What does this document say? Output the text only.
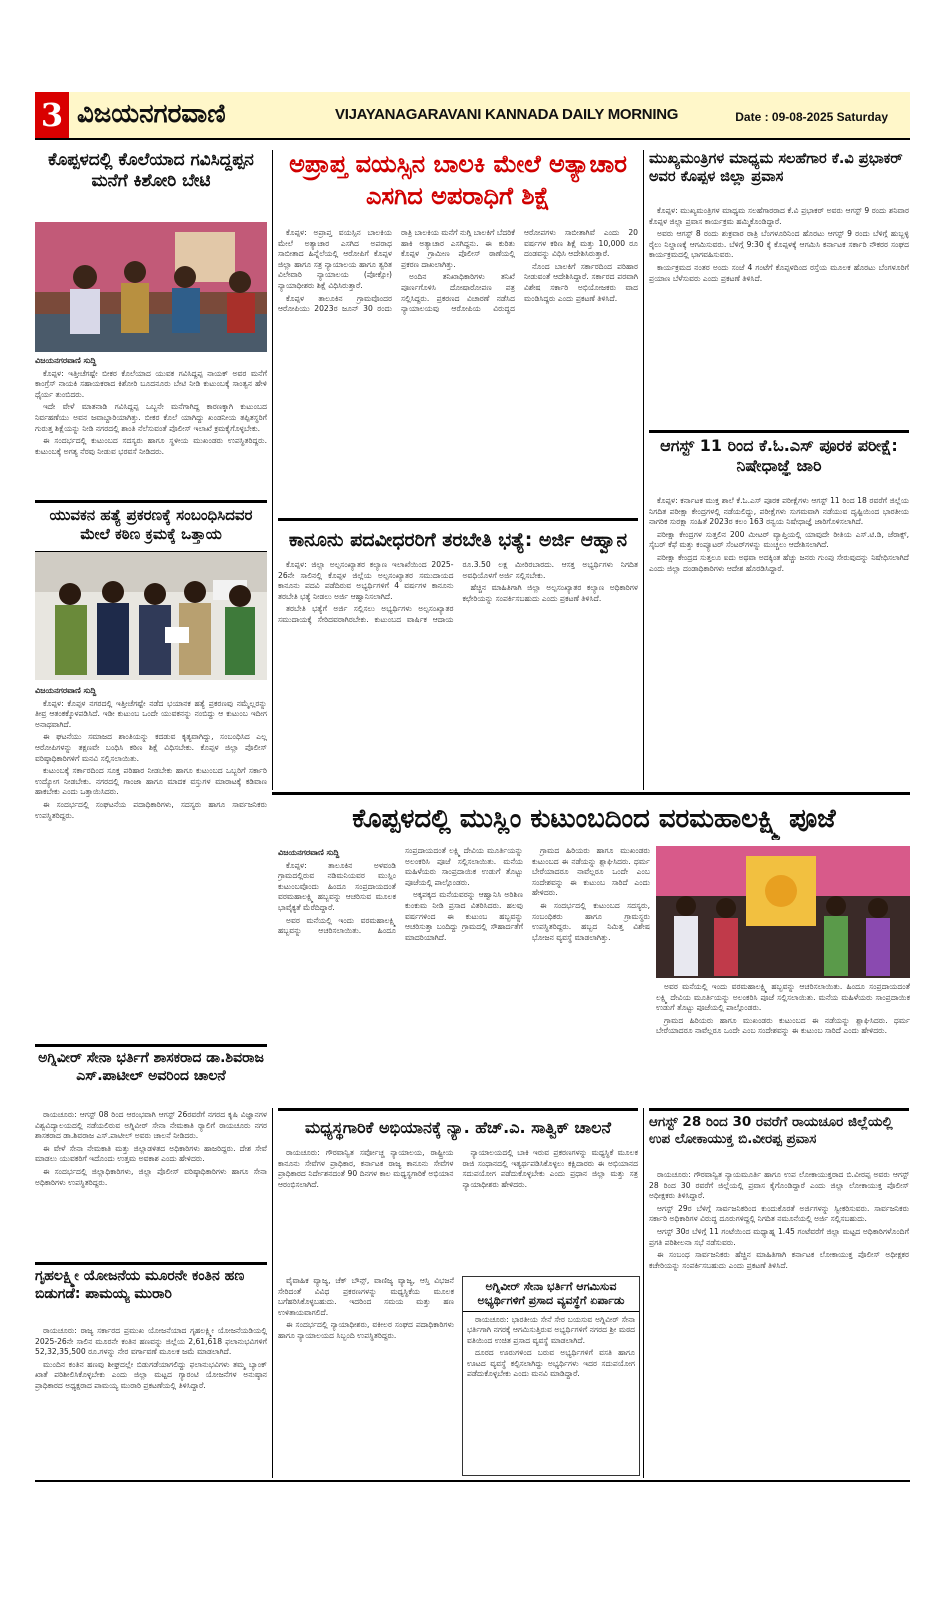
3 ವಿಜಯನಗರವಾಣಿ	VIJAYANAGARAVANI KANNADA DAILY MORNING	Date : 09-08-2025 Saturday
ಕೊಪ್ಪಳದಲ್ಲಿ ಕೊಲೆಯಾದ ಗವಿಸಿದ್ದಪ್ಪನ ಮನೆಗೆ ಕಿಶೋರಿ ಬೇಟಿ
ವಿಜಯನಗರವಾಣಿ ಸುದ್ದಿ

ಕೊಪ್ಪಳ: ಇತ್ತೀಚೆಗಷ್ಟೇ ಬೀಕರ ಕೊಲೆಯಾದ ಯುವಕ ಗವಿಸಿದ್ದಪ್ಪ ನಾಯಕ್ ಅವರ ಮನೆಗೆ ಕಾಂಗ್ರೆಸ್ ನಾಯಕಿ ಸಹಾಯಕರಾದ ಕಿಶೋರಿ ಬೂದನೂರು ಬೇಟಿ ನೀಡಿ ಕುಟುಂಬಕ್ಕೆ ಸಾಂತ್ವನ ಹೇಳಿ ಧೈರ್ಯ ತುಂಬಿದರು.

ಇದೇ ವೇಳೆ ಮಾತನಾಡಿ ಗವಿಸಿದ್ದಪ್ಪ ಒಬ್ಬನೇ ಮನೆಗಾಗಿದ್ದ ಕಾರಣಕ್ಕಾಗಿ ಕುಟುಂಬದ ನಿರ್ವಹಣೆಯು ಅವನ ಜವಾಬ್ದಾರಿಯಾಗಿತ್ತು. ಬೀಕರ ಕೊಲೆ ಯಾಗಿದ್ದು ಖಂಡನೀಯ ತಪ್ಪಿತಸ್ಥರಿಗೆ ಗುರುತ್ತ ಶಿಕ್ಷೆಯನ್ನು ನೀಡಿ ನಗರದಲ್ಲಿ ಶಾಂತಿ ನೆಲೆಸುವಂತೆ ಪೊಲೀಸ್ ಇಲಾಖೆ ಕ್ರಮಕೈಗೊಳ್ಳಬೇಕು.

ಈ ಸಂದರ್ಭದಲ್ಲಿ ಕುಟುಂಬದ ಸದಸ್ಯರು ಹಾಗೂ ಸ್ಥಳೀಯ ಮುಖಂಡರು ಉಪಸ್ಥಿತರಿದ್ದರು. ಕುಟುಂಬಕ್ಕೆ ಅಗತ್ಯ ನೆರವು ನೀಡುವ ಭರವಸೆ ನೀಡಿದರು.

ಯುವಕನ ಹತ್ಯೆ ಪ್ರಕರಣಕ್ಕೆ ಸಂಬಂಧಿಸಿದವರ ಮೇಲೆ ಕಠಿಣ ಕ್ರಮಕ್ಕೆ ಒತ್ತಾಯ
ವಿಜಯನಗರವಾಣಿ ಸುದ್ದಿ

ಕೊಪ್ಪಳ: ಕೊಪ್ಪಳ ನಗರದಲ್ಲಿ ಇತ್ತೀಚೆಗಷ್ಟೇ ನಡೆದ ಭಯಾನಕ ಹತ್ಯೆ ಪ್ರಕರಣವು ನಮ್ಮೆಲ್ಲರನ್ನು ತೀವ್ರ ಆತಂಕಕ್ಕೊಳಪಡಿಸಿದೆ. ಇಡೀ ಕುಟುಂಬ ಒಂದೇ ಯುವಕನನ್ನು ನಂಬಿದ್ದು ಆ ಕುಟುಂಬ ಇದೀಗ ಅನಾಥವಾಗಿದೆ.

ಈ ಘಟನೆಯು ಸಮಾಜದ ಶಾಂತಿಯನ್ನು ಕದಡುವ ಕೃತ್ಯವಾಗಿದ್ದು, ಸಂಬಂಧಿಸಿದ ಎಲ್ಲ ಆರೋಪಿಗಳನ್ನು ತಕ್ಷಣವೇ ಬಂಧಿಸಿ ಕಠಿಣ ಶಿಕ್ಷೆ ವಿಧಿಸಬೇಕು. ಕೊಪ್ಪಳ ಜಿಲ್ಲಾ ಪೊಲೀಸ್ ವರಿಷ್ಠಾಧಿಕಾರಿಗಳಿಗೆ ಮನವಿ ಸಲ್ಲಿಸಲಾಯಿತು.

ಕುಟುಂಬಕ್ಕೆ ಸರ್ಕಾರದಿಂದ ಸೂಕ್ತ ಪರಿಹಾರ ನೀಡಬೇಕು ಹಾಗೂ ಕುಟುಂಬದ ಒಬ್ಬರಿಗೆ ಸರ್ಕಾರಿ ಉದ್ಯೋಗ ನೀಡಬೇಕು. ನಗರದಲ್ಲಿ ಗಾಂಜಾ ಹಾಗೂ ಮಾದಕ ವಸ್ತುಗಳ ಮಾರಾಟಕ್ಕೆ ಕಡಿವಾಣ ಹಾಕಬೇಕು ಎಂದು ಒತ್ತಾಯಿಸಿದರು.

ಈ ಸಂದರ್ಭದಲ್ಲಿ ಸಂಘಟನೆಯ ಪದಾಧಿಕಾರಿಗಳು, ಸದಸ್ಯರು ಹಾಗೂ ಸಾರ್ವಜನಿಕರು ಉಪಸ್ಥಿತರಿದ್ದರು.

ಅಪ್ರಾಪ್ತ ವಯಸ್ಸಿನ ಬಾಲಕಿ ಮೇಲೆ ಅತ್ಯಾಚಾರ ಎಸಗಿದ ಅಪರಾಧಿಗೆ ಶಿಕ್ಷೆ

ಕೊಪ್ಪಳ: ಅಪ್ರಾಪ್ತ ವಯಸ್ಸಿನ ಬಾಲಕಿಯ ಮೇಲೆ ಅತ್ಯಾಚಾರ ಎಸಗಿದ ಅಪರಾಧ ಸಾಬೀತಾದ ಹಿನ್ನೆಲೆಯಲ್ಲಿ ಆರೋಪಿಗೆ ಕೊಪ್ಪಳ ಜಿಲ್ಲಾ ಹಾಗೂ ಸತ್ರ ನ್ಯಾಯಾಲಯ ಹಾಗೂ ತ್ವರಿತ ವಿಲೇವಾರಿ ನ್ಯಾಯಾಲಯ (ಪೋಕ್ಸೋ) ನ್ಯಾಯಾಧೀಶರು ಶಿಕ್ಷೆ ವಿಧಿಸಿರುತ್ತಾರೆ.

ಕೊಪ್ಪಳ ತಾಲೂಕಿನ ಗ್ರಾಮವೊಂದರ ಆರೋಪಿಯು 2023ರ ಜೂನ್ 30 ರಂದು ರಾತ್ರಿ ಬಾಲಕಿಯ ಮನೆಗೆ ನುಗ್ಗಿ ಬಾಲಕಿಗೆ ಬೆದರಿಕೆ ಹಾಕಿ ಅತ್ಯಾಚಾರ ಎಸಗಿದ್ದನು. ಈ ಕುರಿತು ಕೊಪ್ಪಳ ಗ್ರಾಮೀಣ ಪೊಲೀಸ್ ಠಾಣೆಯಲ್ಲಿ ಪ್ರಕರಣ ದಾಖಲಾಗಿತ್ತು.

ಅಂದಿನ ತನಿಖಾಧಿಕಾರಿಗಳು ತನಿಖೆ ಪೂರ್ಣಗೊಳಿಸಿ ದೋಷಾರೋಪಣ ಪತ್ರ ಸಲ್ಲಿಸಿದ್ದರು. ಪ್ರಕರಣದ ವಿಚಾರಣೆ ನಡೆಸಿದ ನ್ಯಾಯಾಲಯವು ಆರೋಪಿಯ ವಿರುದ್ಧದ ಆರೋಪಗಳು ಸಾಬೀತಾಗಿವೆ ಎಂದು 20 ವರ್ಷಗಳ ಕಠಿಣ ಶಿಕ್ಷೆ ಮತ್ತು 10,000 ರೂ ದಂಡವನ್ನು ವಿಧಿಸಿ ಆದೇಶಿಸಿರುತ್ತಾರೆ.

ನೊಂದ ಬಾಲಕಿಗೆ ಸರ್ಕಾರದಿಂದ ಪರಿಹಾರ ನೀಡುವಂತೆ ಆದೇಶಿಸಿದ್ದಾರೆ. ಸರ್ಕಾರದ ಪರವಾಗಿ ವಿಶೇಷ ಸರ್ಕಾರಿ ಅಭಿಯೋಜಕರು ವಾದ ಮಂಡಿಸಿದ್ದರು ಎಂದು ಪ್ರಕಟಣೆ ತಿಳಿಸಿದೆ.

ಕಾನೂನು ಪದವೀಧರರಿಗೆ ತರಬೇತಿ ಭತ್ಯೆ: ಅರ್ಜಿ ಆಹ್ವಾನ

ಕೊಪ್ಪಳ: ಜಿಲ್ಲಾ ಅಲ್ಪಸಂಖ್ಯಾತರ ಕಲ್ಯಾಣ ಇಲಾಖೆಯಿಂದ 2025-26ನೇ ಸಾಲಿನಲ್ಲಿ ಕೊಪ್ಪಳ ಜಿಲ್ಲೆಯ ಅಲ್ಪಸಂಖ್ಯಾತರ ಸಮುದಾಯದ ಕಾನೂನು ಪದವಿ ಪಡೆದಿರುವ ಅಭ್ಯರ್ಥಿಗಳಿಗೆ 4 ವರ್ಷಗಳ ಕಾನೂನು ತರಬೇತಿ ಭತ್ಯೆ ನೀಡಲು ಅರ್ಜಿ ಆಹ್ವಾನಿಸಲಾಗಿದೆ.

ತರಬೇತಿ ಭತ್ಯೆಗೆ ಅರ್ಜಿ ಸಲ್ಲಿಸಲು ಅಭ್ಯರ್ಥಿಗಳು ಅಲ್ಪಸಂಖ್ಯಾತರ ಸಮುದಾಯಕ್ಕೆ ಸೇರಿದವರಾಗಿರಬೇಕು. ಕುಟುಂಬದ ವಾರ್ಷಿಕ ಆದಾಯ ರೂ.3.50 ಲಕ್ಷ ಮೀರಿರಬಾರದು. ಆಸಕ್ತ ಅಭ್ಯರ್ಥಿಗಳು ನಿಗದಿತ ಅವಧಿಯೊಳಗೆ ಅರ್ಜಿ ಸಲ್ಲಿಸಬೇಕು.

ಹೆಚ್ಚಿನ ಮಾಹಿತಿಗಾಗಿ ಜಿಲ್ಲಾ ಅಲ್ಪಸಂಖ್ಯಾತರ ಕಲ್ಯಾಣ ಅಧಿಕಾರಿಗಳ ಕಛೇರಿಯನ್ನು ಸಂಪರ್ಕಿಸಬಹುದು ಎಂದು ಪ್ರಕಟಣೆ ತಿಳಿಸಿದೆ.

ಮುಖ್ಯಮಂತ್ರಿಗಳ ಮಾಧ್ಯಮ ಸಲಹೆಗಾರ ಕೆ.ವಿ ಪ್ರಭಾಕರ್ ಅವರ ಕೊಪ್ಪಳ ಜಿಲ್ಲಾ ಪ್ರವಾಸ

ಕೊಪ್ಪಳ: ಮುಖ್ಯಮಂತ್ರಿಗಳ ಮಾಧ್ಯಮ ಸಲಹೆಗಾರರಾದ ಕೆ.ವಿ ಪ್ರಭಾಕರ್ ಅವರು ಆಗಸ್ಟ್ 9 ರಂದು ಶನಿವಾರ ಕೊಪ್ಪಳ ಜಿಲ್ಲಾ ಪ್ರವಾಸ ಕಾರ್ಯಕ್ರಮ ಹಮ್ಮಿಕೊಂಡಿದ್ದಾರೆ.

ಅವರು ಆಗಸ್ಟ್ 8 ರಂದು ಶುಕ್ರವಾರ ರಾತ್ರಿ ಬೆಂಗಳೂರಿನಿಂದ ಹೊರಟು ಆಗಸ್ಟ್ 9 ರಂದು ಬೆಳಿಗ್ಗೆ ಹುಬ್ಬಳ್ಳಿ ರೈಲು ನಿಲ್ದಾಣಕ್ಕೆ ಆಗಮಿಸುವರು. ಬೆಳಿಗ್ಗೆ 9:30 ಕ್ಕೆ ಕೊಪ್ಪಳಕ್ಕೆ ಆಗಮಿಸಿ ಕರ್ನಾಟಕ ಸರ್ಕಾರಿ ನೌಕರರ ಸಂಘದ ಕಾರ್ಯಕ್ರಮದಲ್ಲಿ ಭಾಗವಹಿಸುವರು.

ಕಾರ್ಯಕ್ರಮದ ನಂತರ ಅಂದು ಸಂಜೆ 4 ಗಂಟೆಗೆ ಕೊಪ್ಪಳದಿಂದ ರಸ್ತೆಯ ಮೂಲಕ ಹೊರಟು ಬೆಂಗಳೂರಿಗೆ ಪ್ರಯಾಣ ಬೆಳೆಸುವರು ಎಂದು ಪ್ರಕಟಣೆ ತಿಳಿಸಿದೆ.

ಆಗಸ್ಟ್ 11 ರಿಂದ ಕೆ.ಓ.ಎಸ್ ಪೂರಕ ಪರೀಕ್ಷೆ: ನಿಷೇಧಾಜ್ಞೆ ಜಾರಿ

ಕೊಪ್ಪಳ: ಕರ್ನಾಟಕ ಮುಕ್ತ ಶಾಲೆ ಕೆ.ಓ.ಎಸ್ ಪೂರಕ ಪರೀಕ್ಷೆಗಳು ಆಗಸ್ಟ್ 11 ರಿಂದ 18 ರವರೆಗೆ ಜಿಲ್ಲೆಯ ನಿಗದಿತ ಪರೀಕ್ಷಾ ಕೇಂದ್ರಗಳಲ್ಲಿ ನಡೆಯಲಿದ್ದು, ಪರೀಕ್ಷೆಗಳು ಸುಗಮವಾಗಿ ನಡೆಯುವ ದೃಷ್ಟಿಯಿಂದ ಭಾರತೀಯ ನಾಗರಿಕ ಸುರಕ್ಷಾ ಸಂಹಿತೆ 2023ರ ಕಲಂ 163 ರನ್ವಯ ನಿಷೇಧಾಜ್ಞೆ ಜಾರಿಗೊಳಿಸಲಾಗಿದೆ.

ಪರೀಕ್ಷಾ ಕೇಂದ್ರಗಳ ಸುತ್ತಲಿನ 200 ಮೀಟರ್ ವ್ಯಾಪ್ತಿಯಲ್ಲಿ ಯಾವುದೇ ರೀತಿಯ ಎಸ್.ಟಿ.ಡಿ, ಜೆರಾಕ್ಸ್, ಸೈಬರ್ ಕೆಫೆ ಮತ್ತು ಕಂಪ್ಯೂಟರ್ ಸೆಂಟರ್‌ಗಳನ್ನು ಮುಚ್ಚಲು ಆದೇಶಿಸಲಾಗಿದೆ.

ಪರೀಕ್ಷಾ ಕೇಂದ್ರದ ಸುತ್ತಲೂ ಐದು ಅಥವಾ ಅದಕ್ಕಿಂತ ಹೆಚ್ಚು ಜನರು ಗುಂಪು ಸೇರುವುದನ್ನು ನಿಷೇಧಿಸಲಾಗಿದೆ ಎಂದು ಜಿಲ್ಲಾ ದಂಡಾಧಿಕಾರಿಗಳು ಆದೇಶ ಹೊರಡಿಸಿದ್ದಾರೆ.

ಕೊಪ್ಪಳದಲ್ಲಿ ಮುಸ್ಲಿಂ ಕುಟುಂಬದಿಂದ ವರಮಹಾಲಕ್ಷ್ಮಿ ಪೂಜೆ
ವಿಜಯನಗರವಾಣಿ ಸುದ್ದಿ

ಕೊಪ್ಪಳ: ತಾಲೂಕಿನ ಅಳವಂಡಿ ಗ್ರಾಮದಲ್ಲಿರುವ ನಡಿಮನಿಯವರ ಮುಸ್ಲಿಂ ಕುಟುಂಬವೊಂದು ಹಿಂದೂ ಸಂಪ್ರದಾಯದಂತೆ ವರಮಹಾಲಕ್ಷ್ಮಿ ಹಬ್ಬವನ್ನು ಆಚರಿಸುವ ಮೂಲಕ ಭಾವೈಕ್ಯತೆ ಮೆರೆದಿದ್ದಾರೆ.

ಅವರ ಮನೆಯಲ್ಲಿ ಇಂದು ವರಮಹಾಲಕ್ಷ್ಮಿ ಹಬ್ಬವನ್ನು ಆಚರಿಸಲಾಯಿತು. ಹಿಂದೂ ಸಂಪ್ರದಾಯದಂತೆ ಲಕ್ಷ್ಮಿ ದೇವಿಯ ಮೂರ್ತಿಯನ್ನು ಅಲಂಕರಿಸಿ ಪೂಜೆ ಸಲ್ಲಿಸಲಾಯಿತು. ಮನೆಯ ಮಹಿಳೆಯರು ಸಾಂಪ್ರದಾಯಿಕ ಉಡುಗೆ ತೊಟ್ಟು ಪೂಜೆಯಲ್ಲಿ ಪಾಲ್ಗೊಂಡರು.

ಅಕ್ಕಪಕ್ಕದ ಮನೆಯವರನ್ನು ಆಹ್ವಾನಿಸಿ ಅರಿಶಿಣ ಕುಂಕುಮ ನೀಡಿ ಪ್ರಸಾದ ವಿತರಿಸಿದರು. ಹಲವು ವರ್ಷಗಳಿಂದ ಈ ಕುಟುಂಬ ಹಬ್ಬವನ್ನು ಆಚರಿಸುತ್ತಾ ಬಂದಿದ್ದು ಗ್ರಾಮದಲ್ಲಿ ಸೌಹಾರ್ದತೆಗೆ ಮಾದರಿಯಾಗಿದೆ.

ಗ್ರಾಮದ ಹಿರಿಯರು ಹಾಗೂ ಮುಖಂಡರು ಕುಟುಂಬದ ಈ ನಡೆಯನ್ನು ಶ್ಲಾಘಿಸಿದರು. ಧರ್ಮ ಬೇರೆಯಾದರೂ ನಾವೆಲ್ಲರೂ ಒಂದೇ ಎಂಬ ಸಂದೇಶವನ್ನು ಈ ಕುಟುಂಬ ಸಾರಿದೆ ಎಂದು ಹೇಳಿದರು.

ಈ ಸಂದರ್ಭದಲ್ಲಿ ಕುಟುಂಬದ ಸದಸ್ಯರು, ಸಂಬಂಧಿಕರು ಹಾಗೂ ಗ್ರಾಮಸ್ಥರು ಉಪಸ್ಥಿತರಿದ್ದರು. ಹಬ್ಬದ ನಿಮಿತ್ತ ವಿಶೇಷ ಭೋಜನ ವ್ಯವಸ್ಥೆ ಮಾಡಲಾಗಿತ್ತು.

ಅವರ ಮನೆಯಲ್ಲಿ ಇಂದು ವರಮಹಾಲಕ್ಷ್ಮಿ ಹಬ್ಬವನ್ನು ಆಚರಿಸಲಾಯಿತು. ಹಿಂದೂ ಸಂಪ್ರದಾಯದಂತೆ ಲಕ್ಷ್ಮಿ ದೇವಿಯ ಮೂರ್ತಿಯನ್ನು ಅಲಂಕರಿಸಿ ಪೂಜೆ ಸಲ್ಲಿಸಲಾಯಿತು. ಮನೆಯ ಮಹಿಳೆಯರು ಸಾಂಪ್ರದಾಯಿಕ ಉಡುಗೆ ತೊಟ್ಟು ಪೂಜೆಯಲ್ಲಿ ಪಾಲ್ಗೊಂಡರು.

ಗ್ರಾಮದ ಹಿರಿಯರು ಹಾಗೂ ಮುಖಂಡರು ಕುಟುಂಬದ ಈ ನಡೆಯನ್ನು ಶ್ಲಾಘಿಸಿದರು. ಧರ್ಮ ಬೇರೆಯಾದರೂ ನಾವೆಲ್ಲರೂ ಒಂದೇ ಎಂಬ ಸಂದೇಶವನ್ನು ಈ ಕುಟುಂಬ ಸಾರಿದೆ ಎಂದು ಹೇಳಿದರು.

ಅಗ್ನಿವೀರ್ ಸೇನಾ ಭರ್ತಿಗೆ ಶಾಸಕರಾದ ಡಾ.ಶಿವರಾಜ ಎಸ್.ಪಾಟೀಲ್ ಅವರಿಂದ ಚಾಲನೆ

ರಾಯಚೂರು: ಆಗಸ್ಟ್ 08 ರಿಂದ ಆರಂಭವಾಗಿ ಆಗಸ್ಟ್ 26ರವರೆಗೆ ನಗರದ ಕೃಷಿ ವಿಜ್ಞಾನಗಳ ವಿಶ್ವವಿದ್ಯಾಲಯದಲ್ಲಿ ನಡೆಯಲಿರುವ ಅಗ್ನಿವೀರ್ ಸೇನಾ ನೇಮಕಾತಿ ರ‍್ಯಾಲಿಗೆ ರಾಯಚೂರು ನಗರ ಶಾಸಕರಾದ ಡಾ.ಶಿವರಾಜ ಎಸ್.ಪಾಟೀಲ್ ಅವರು ಚಾಲನೆ ನೀಡಿದರು.

ಈ ವೇಳೆ ಸೇನಾ ನೇಮಕಾತಿ ಮತ್ತು ಜಿಲ್ಲಾಡಳಿತದ ಅಧಿಕಾರಿಗಳು ಹಾಜರಿದ್ದರು. ದೇಶ ಸೇವೆ ಮಾಡಲು ಯುವಕರಿಗೆ ಇದೊಂದು ಉತ್ತಮ ಅವಕಾಶ ಎಂದು ಹೇಳಿದರು.

ಈ ಸಂದರ್ಭದಲ್ಲಿ ಜಿಲ್ಲಾಧಿಕಾರಿಗಳು, ಜಿಲ್ಲಾ ಪೊಲೀಸ್ ವರಿಷ್ಠಾಧಿಕಾರಿಗಳು ಹಾಗೂ ಸೇನಾ ಅಧಿಕಾರಿಗಳು ಉಪಸ್ಥಿತರಿದ್ದರು.

ಗೃಹಲಕ್ಷ್ಮೀ ಯೋಜನೆಯ ಮೂರನೇ ಕಂತಿನ ಹಣ ಬಿಡುಗಡೆ: ಪಾಮಯ್ಯ ಮುರಾರಿ

ರಾಯಚೂರು: ರಾಜ್ಯ ಸರ್ಕಾರದ ಪ್ರಮುಖ ಯೋಜನೆಯಾದ ಗೃಹಲಕ್ಷ್ಮೀ ಯೋಜನೆಯಡಿಯಲ್ಲಿ 2025-26ನೇ ಸಾಲಿನ ಮೂರನೇ ಕಂತಿನ ಹಣವನ್ನು ಜಿಲ್ಲೆಯ 2,61,618 ಫಲಾನುಭವಿಗಳಿಗೆ 52,32,35,500 ರೂ.ಗಳನ್ನು ನೇರ ವರ್ಗಾವಣೆ ಮೂಲಕ ಜಮೆ ಮಾಡಲಾಗಿದೆ.

ಮುಂದಿನ ಕಂತಿನ ಹಣವು ಶೀಘ್ರದಲ್ಲೇ ಬಿಡುಗಡೆಯಾಗಲಿದ್ದು ಫಲಾನುಭವಿಗಳು ತಮ್ಮ ಬ್ಯಾಂಕ್ ಖಾತೆ ಪರಿಶೀಲಿಸಿಕೊಳ್ಳಬೇಕು ಎಂದು ಜಿಲ್ಲಾ ಮಟ್ಟದ ಗ್ಯಾರಂಟಿ ಯೋಜನೆಗಳ ಅನುಷ್ಠಾನ ಪ್ರಾಧಿಕಾರದ ಅಧ್ಯಕ್ಷರಾದ ಪಾಮಯ್ಯ ಮುರಾರಿ ಪ್ರಕಟಣೆಯಲ್ಲಿ ತಿಳಿಸಿದ್ದಾರೆ.

ಮಧ್ಯಸ್ಥಗಾರಿಕೆ ಅಭಿಯಾನಕ್ಕೆ ನ್ಯಾ. ಹೆಚ್.ಎ. ಸಾತ್ವಿಕ್ ಚಾಲನೆ

ರಾಯಚೂರು: ಗೌರವಾನ್ವಿತ ಸರ್ವೋಚ್ಚ ನ್ಯಾಯಾಲಯ, ರಾಷ್ಟ್ರೀಯ ಕಾನೂನು ಸೇವೆಗಳ ಪ್ರಾಧಿಕಾರ, ಕರ್ನಾಟಕ ರಾಜ್ಯ ಕಾನೂನು ಸೇವೆಗಳ ಪ್ರಾಧಿಕಾರದ ನಿರ್ದೇಶನದಂತೆ 90 ದಿನಗಳ ಕಾಲ ಮಧ್ಯಸ್ಥಗಾರಿಕೆ ಅಭಿಯಾನ ಆರಂಭಿಸಲಾಗಿದೆ.

ನ್ಯಾಯಾಲಯದಲ್ಲಿ ಬಾಕಿ ಇರುವ ಪ್ರಕರಣಗಳನ್ನು ಮಧ್ಯಸ್ಥಿಕೆ ಮೂಲಕ ರಾಜಿ ಸಂಧಾನದಲ್ಲಿ ಇತ್ಯರ್ಥಪಡಿಸಿಕೊಳ್ಳಲು ಕಕ್ಷಿದಾರರು ಈ ಅಭಿಯಾನದ ಸದುಪಯೋಗ ಪಡೆದುಕೊಳ್ಳಬೇಕು ಎಂದು ಪ್ರಧಾನ ಜಿಲ್ಲಾ ಮತ್ತು ಸತ್ರ ನ್ಯಾಯಾಧೀಶರು ಹೇಳಿದರು.

ವೈವಾಹಿಕ ವ್ಯಾಜ್ಯ, ಚೆಕ್ ಬೌನ್ಸ್, ವಾಣಿಜ್ಯ ವ್ಯಾಜ್ಯ, ಆಸ್ತಿ ವಿಭಜನೆ ಸೇರಿದಂತೆ ವಿವಿಧ ಪ್ರಕರಣಗಳನ್ನು ಮಧ್ಯಸ್ಥಿಕೆಯ ಮೂಲಕ ಬಗೆಹರಿಸಿಕೊಳ್ಳಬಹುದು. ಇದರಿಂದ ಸಮಯ ಮತ್ತು ಹಣ ಉಳಿತಾಯವಾಗಲಿದೆ.

ಈ ಸಂದರ್ಭದಲ್ಲಿ ನ್ಯಾಯಾಧೀಶರು, ವಕೀಲರ ಸಂಘದ ಪದಾಧಿಕಾರಿಗಳು ಹಾಗೂ ನ್ಯಾಯಾಲಯದ ಸಿಬ್ಬಂದಿ ಉಪಸ್ಥಿತರಿದ್ದರು.

ಅಗ್ನಿವೀರ್ ಸೇನಾ ಭರ್ತಿಗೆ ಆಗಮಿಸುವ ಅಭ್ಯರ್ಥಿಗಳಿಗೆ ಪ್ರಸಾದ ವ್ಯವಸ್ಥೆಗೆ ಏರ್ಪಾಡು

ರಾಯಚೂರು: ಭಾರತೀಯ ಸೇನೆ ಸೇರ ಬಯಸುವ ಅಗ್ನಿವೀರ್ ಸೇನಾ ಭರ್ತಿಗಾಗಿ ನಗರಕ್ಕೆ ಆಗಮಿಸುತ್ತಿರುವ ಅಭ್ಯರ್ಥಿಗಳಿಗೆ ನಗರದ ಶ್ರೀ ಮಠದ ವತಿಯಿಂದ ಉಚಿತ ಪ್ರಸಾದ ವ್ಯವಸ್ಥೆ ಮಾಡಲಾಗಿದೆ.

ದೂರದ ಊರುಗಳಿಂದ ಬರುವ ಅಭ್ಯರ್ಥಿಗಳಿಗೆ ವಸತಿ ಹಾಗೂ ಊಟದ ವ್ಯವಸ್ಥೆ ಕಲ್ಪಿಸಲಾಗಿದ್ದು ಅಭ್ಯರ್ಥಿಗಳು ಇದರ ಸದುಪಯೋಗ ಪಡೆದುಕೊಳ್ಳಬೇಕು ಎಂದು ಮನವಿ ಮಾಡಿದ್ದಾರೆ.

ಆಗಸ್ಟ್ 28 ರಿಂದ 30 ರವರೆಗೆ ರಾಯಚೂರ ಜಿಲ್ಲೆಯಲ್ಲಿ ಉಪ ಲೋಕಾಯುಕ್ತ ಬಿ.ವೀರಪ್ಪ ಪ್ರವಾಸ

ರಾಯಚೂರು: ಗೌರವಾನ್ವಿತ ನ್ಯಾಯಮೂರ್ತಿ ಹಾಗೂ ಉಪ ಲೋಕಾಯುಕ್ತರಾದ ಬಿ.ವೀರಪ್ಪ ಅವರು ಆಗಸ್ಟ್ 28 ರಿಂದ 30 ರವರೆಗೆ ಜಿಲ್ಲೆಯಲ್ಲಿ ಪ್ರವಾಸ ಕೈಗೊಂಡಿದ್ದಾರೆ ಎಂದು ಜಿಲ್ಲಾ ಲೋಕಾಯುಕ್ತ ಪೊಲೀಸ್ ಅಧೀಕ್ಷಕರು ತಿಳಿಸಿದ್ದಾರೆ.

ಆಗಸ್ಟ್ 29ರ ಬೆಳಿಗ್ಗೆ ಸಾರ್ವಜನಿಕರಿಂದ ಕುಂದುಕೊರತೆ ಅರ್ಜಿಗಳನ್ನು ಸ್ವೀಕರಿಸುವರು. ಸಾರ್ವಜನಿಕರು ಸರ್ಕಾರಿ ಅಧಿಕಾರಿಗಳ ವಿರುದ್ಧ ದೂರುಗಳಿದ್ದಲ್ಲಿ ನಿಗದಿತ ನಮೂನೆಯಲ್ಲಿ ಅರ್ಜಿ ಸಲ್ಲಿಸಬಹುದು.

ಆಗಸ್ಟ್ 30ರ ಬೆಳಿಗ್ಗೆ 11 ಗಂಟೆಯಿಂದ ಮಧ್ಯಾಹ್ನ 1.45 ಗಂಟೆವರೆಗೆ ಜಿಲ್ಲಾ ಮಟ್ಟದ ಅಧಿಕಾರಿಗಳೊಂದಿಗೆ ಪ್ರಗತಿ ಪರಿಶೀಲನಾ ಸಭೆ ನಡೆಸುವರು.

ಈ ಸಂಬಂಧ ಸಾರ್ವಜನಿಕರು ಹೆಚ್ಚಿನ ಮಾಹಿತಿಗಾಗಿ ಕರ್ನಾಟಕ ಲೋಕಾಯುಕ್ತ ಪೊಲೀಸ್ ಅಧೀಕ್ಷಕರ ಕಚೇರಿಯನ್ನು ಸಂಪರ್ಕಿಸಬಹುದು ಎಂದು ಪ್ರಕಟಣೆ ತಿಳಿಸಿದೆ.
